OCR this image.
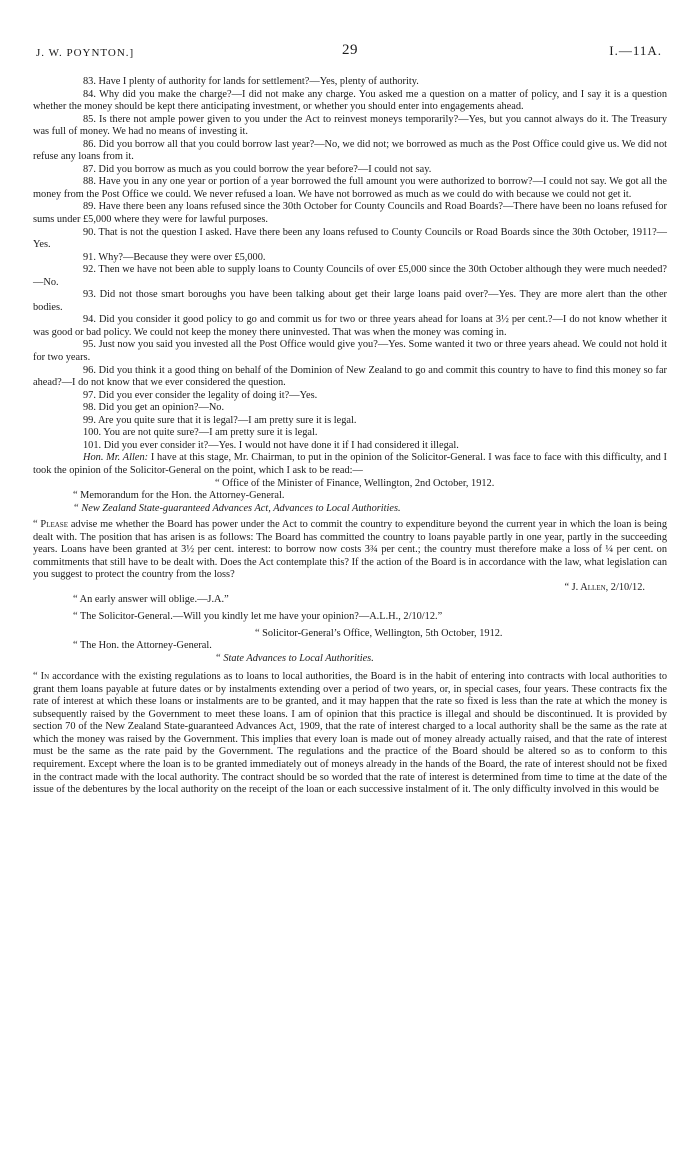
J. W. POYNTON.]	29	I.—11A.

83. Have I plenty of authority for lands for settlement?—Yes, plenty of authority.

84. Why did you make the charge?—I did not make any charge. You asked me a question on a matter of policy, and I say it is a question whether the money should be kept there anticipating investment, or whether you should enter into engagements ahead.

85. Is there not ample power given to you under the Act to reinvest moneys temporarily?—Yes, but you cannot always do it. The Treasury was full of money. We had no means of investing it.

86. Did you borrow all that you could borrow last year?—No, we did not; we borrowed as much as the Post Office could give us. We did not refuse any loans from it.

87. Did you borrow as much as you could borrow the year before?—I could not say.

88. Have you in any one year or portion of a year borrowed the full amount you were authorized to borrow?—I could not say. We got all the money from the Post Office we could. We never refused a loan. We have not borrowed as much as we could do with because we could not get it.

89. Have there been any loans refused since the 30th October for County Councils and Road Boards?—There have been no loans refused for sums under £5,000 where they were for lawful purposes.

90. That is not the question I asked. Have there been any loans refused to County Councils or Road Boards since the 30th October, 1911?—Yes.

91. Why?—Because they were over £5,000.

92. Then we have not been able to supply loans to County Councils of over £5,000 since the 30th October although they were much needed?—No.

93. Did not those smart boroughs you have been talking about get their large loans paid over?—Yes. They are more alert than the other bodies.

94. Did you consider it good policy to go and commit us for two or three years ahead for loans at 3½ per cent.?—I do not know whether it was good or bad policy. We could not keep the money there uninvested. That was when the money was coming in.

95. Just now you said you invested all the Post Office would give you?—Yes. Some wanted it two or three years ahead. We could not hold it for two years.

96. Did you think it a good thing on behalf of the Dominion of New Zealand to go and commit this country to have to find this money so far ahead?—I do not know that we ever considered the question.

97. Did you ever consider the legality of doing it?—Yes.

98. Did you get an opinion?—No.

99. Are you quite sure that it is legal?—I am pretty sure it is legal.

100. You are not quite sure?—I am pretty sure it is legal.

101. Did you ever consider it?—Yes. I would not have done it if I had considered it illegal.

Hon. Mr. Allen: I have at this stage, Mr. Chairman, to put in the opinion of the Solicitor-General. I was face to face with this difficulty, and I took the opinion of the Solicitor-General on the point, which I ask to be read:—

“ Office of the Minister of Finance, Wellington, 2nd October, 1912.

“ Memorandum for the Hon. the Attorney-General.

“ New Zealand State-guaranteed Advances Act, Advances to Local Authorities.

“ Please advise me whether the Board has power under the Act to commit the country to expenditure beyond the current year in which the loan is being dealt with. The position that has arisen is as follows: The Board has committed the country to loans payable partly in one year, partly in the succeeding years. Loans have been granted at 3½ per cent. interest: to borrow now costs 3¾ per cent.; the country must therefore make a loss of ¼ per cent. on commitments that still have to be dealt with. Does the Act contemplate this? If the action of the Board is in accordance with the law, what legislation can you suggest to protect the country from the loss?

“ J. Allen, 2/10/12.

“ An early answer will oblige.—J.A.”

“ The Solicitor-General.—Will you kindly let me have your opinion?—A.L.H., 2/10/12.”

“ Solicitor-General’s Office, Wellington, 5th October, 1912.

“ The Hon. the Attorney-General.

“ State Advances to Local Authorities.

“ In accordance with the existing regulations as to loans to local authorities, the Board is in the habit of entering into contracts with local authorities to grant them loans payable at future dates or by instalments extending over a period of two years, or, in special cases, four years. These contracts fix the rate of interest at which these loans or instalments are to be granted, and it may happen that the rate so fixed is less than the rate at which the money is subsequently raised by the Government to meet these loans. I am of opinion that this practice is illegal and should be discontinued. It is provided by section 70 of the New Zealand State-guaranteed Advances Act, 1909, that the rate of interest charged to a local authority shall be the same as the rate at which the money was raised by the Government. This implies that every loan is made out of money already actually raised, and that the rate of interest must be the same as the rate paid by the Government. The regulations and the practice of the Board should be altered so as to conform to this requirement. Except where the loan is to be granted immediately out of moneys already in the hands of the Board, the rate of interest should not be fixed in the contract made with the local authority. The contract should be so worded that the rate of interest is determined from time to time at the date of the issue of the debentures by the local authority on the receipt of the loan or each successive instalment of it. The only difficulty involved in this would be
